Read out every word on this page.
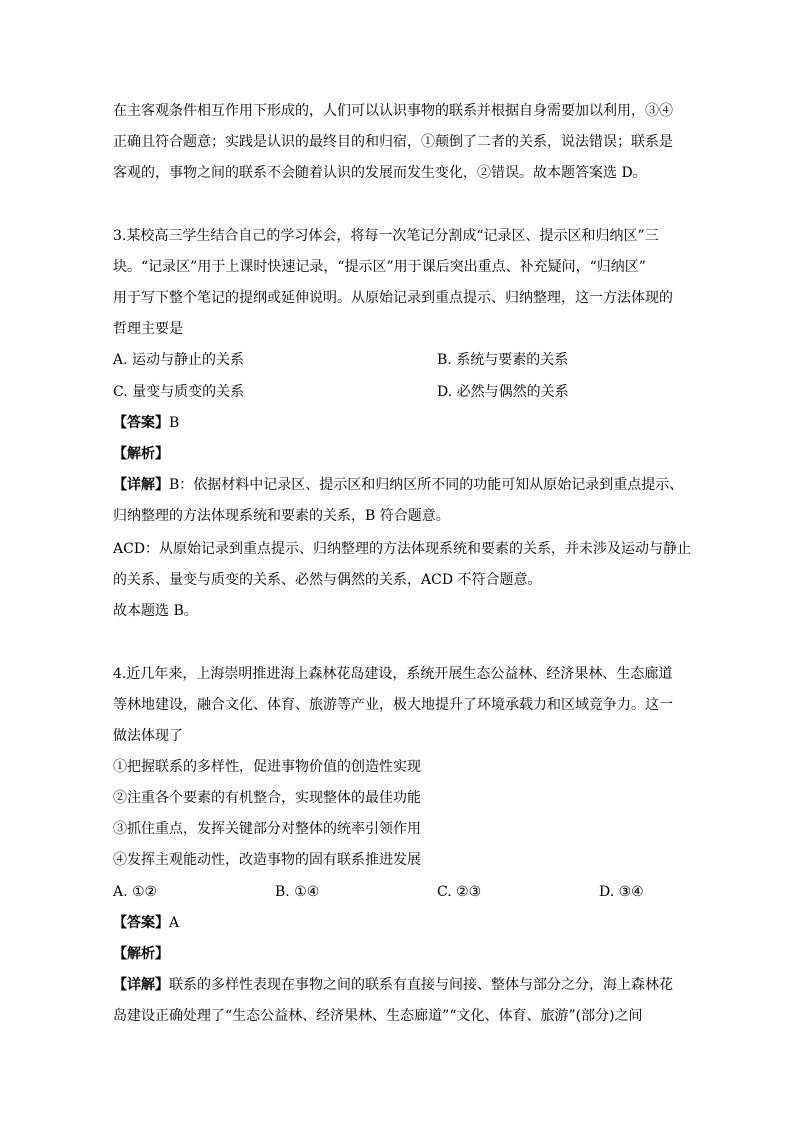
在主客观条件相互作用下形成的，人们可以认识事物的联系并根据自身需要加以利用，③④
正确且符合题意；实践是认识的最终目的和归宿，①颠倒了二者的关系，说法错误；联系是
客观的，事物之间的联系不会随着认识的发展而发生变化，②错误。故本题答案选 D。
3.某校高三学生结合自己的学习体会，将每一次笔记分割成“记录区、提示区和归纳区”三
块。“记录区”用于上课时快速记录，“提示区”用于课后突出重点、补充疑问，“归纳区”
用于写下整个笔记的提纲或延伸说明。从原始记录到重点提示、归纳整理，这一方法体现的
哲理主要是
A. 运动与静止的关系	B. 系统与要素的关系
C. 量变与质变的关系	D. 必然与偶然的关系
【答案】B
【解析】
【详解】B：依据材料中记录区、提示区和归纳区所不同的功能可知从原始记录到重点提示、
归纳整理的方法体现系统和要素的关系，B 符合题意。
ACD：从原始记录到重点提示、归纳整理的方法体现系统和要素的关系，并未涉及运动与静止
的关系、量变与质变的关系、必然与偶然的关系，ACD 不符合题意。
故本题选 B。
4.近几年来，上海崇明推进海上森林花岛建设，系统开展生态公益林、经济果林、生态廊道
等林地建设，融合文化、体育、旅游等产业，极大地提升了环境承载力和区域竞争力。这一
做法体现了
①把握联系的多样性，促进事物价值的创造性实现
②注重各个要素的有机整合，实现整体的最佳功能
③抓住重点，发挥关键部分对整体的统率引领作用
④发挥主观能动性，改造事物的固有联系推进发展
A. ①②	B. ①④	C. ②③	D. ③④
【答案】A
【解析】
【详解】联系的多样性表现在事物之间的联系有直接与间接、整体与部分之分，海上森林花
岛建设正确处理了“生态公益林、经济果林、生态廊道”“文化、体育、旅游”(部分)之间
